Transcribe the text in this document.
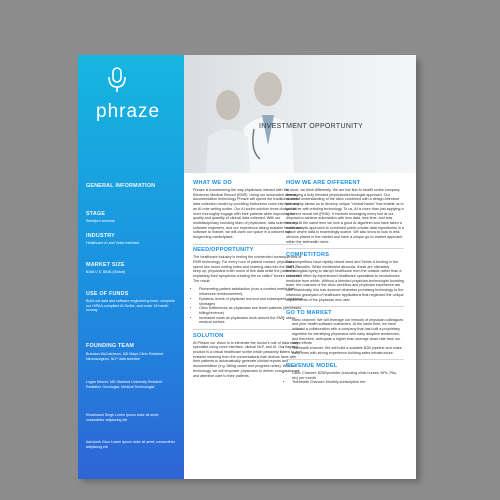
INVESTMENT OPPORTUNITY
phraze
GENERAL INFORMATION
STAGE
Seed/pre-revenue
INDUSTRY
Healthcare AI and Voice Interface
MARKET SIZE
$168 U.S. $54B (Global)
USE OF FUNDS
Build out data and software engineering team, complete our HIPAA-compliant AI Scribe, and cover 18 month runway
FOUNDING TEAM
Brandon McCutcheon, MD Mayo Clinic Resident Neurosurgeon, NLP data scientist
Logan Mercer, MD Stanford University Resident Radiation Oncologist, Medical Technologist
Khushwant Singh Lorem ipsum dolor sit amet, consectetur adipiscing elit
Ashutosh Gaur Lorem ipsum dolor sit amet, consectetur adipiscing elit
WHAT WE DO

Phraze is transforming the way physicians interact with the Electronic Medical Record (EMR). Using our automated clinical documentation technology Phraze will upend the traditional clinic data collection model by providing frictionless voice interface and an AI note writing scribe. Our AI scribe solution frees doctors to more thoroughly engage with their patients while improving the quality and quantity of clinical data collected. With our multidisciplinary founding team of physicians, data scientists and software engineers, and our experience taking scalable healthcare software to market, we will claim our space in a nascent but burgeoning marketplace.

NEED/OPPORTUNITY

The healthcare industry is feeling the unintended consequences of EMR technology. For every hour of patient contact, physicians spend two hours writing notes and entering data into the EMR. To keep up, physicians enter much of this data while the patient is explaining their symptoms creating the so called "screen between". The result:

• Plummeting patient satisfaction (now a coveted metric that influences reimbursement)
• Epidemic levels of physician burnout and subsequent workforce shortages
• Clinic bottlenecks as physicians see fewer patients (decreased billing/revenue)
• Increased costs as physicians work around the EMR using medical scribes
SOLUTION

At Phraze our vision is to eliminate the doctor's role of data entry specialist using voice interface, clinical NLP, and AI. Our flagship product is a virtual healthcare scribe which passively listens to and extracts meaning from the conversations that doctors have with their patients to automatically generate clinical reports and documentation (e.g. billing codes and progress notes). With our technology, we will empower physicians to deliver compassionate and attentive care to their patients.

HOW WE ARE DIFFERENT

In short, we think differently. We are the first AI health scribe company leveraging a truly blended physician/technologist approach. Our nuanced understanding of the clinic combined with a design-intensive philosophy allows us to develop unique "clinical hacks" that enable us to go further with existing technology. To us, AI is more than just applying a recurrent neural net (RNN). It involves leveraging every tool at our disposal to achieve automation with less data, less time, and less money. At the same time we love a good AI algorithm and have taken a novel analytic approach to combined public private data repositories in a space where data is exceedingly scarce. We also know to look in less obvious places in the market and have a unique go-to-market approach within the telehealth niche.

COMPETITORS

Our competitors have rapidly raised seed and Series A funding in the last 12 months. While excitement abounds, these are ultimately technologists trying to disrupt healthcare from the outside rather than a concerted effort by experienced healthcare specialists to revolutionize medicine from within. Without a blended physician-technologist founding team, the nuances of the clinic workflow and physician experience are lost. Historically, this has doomed otherwise promising technology to the infamous graveyard of healthcare applications that neglected the unique requirements of the physician end-user.

GO TO MARKET
• Clinic channel: We will leverage our network of physician colleagues and prior health software customers. At the same time, we have initiated a collaboration with a company that has built a proprietary algorithm for identifying physicians with early adoptive tendencies, and therefore, anticipate a higher than average close rate from our sales efforts
• Telehealth channel: We will build a scalable B2B pipeline and make early hires with strong experience building sales infrastructure.
REVENUE MODEL
• Clinic Channel: $250/provider (including clinic nurses, NPs, PAs, etc) per month
• Telehealth Channel: Monthly subscription fee
